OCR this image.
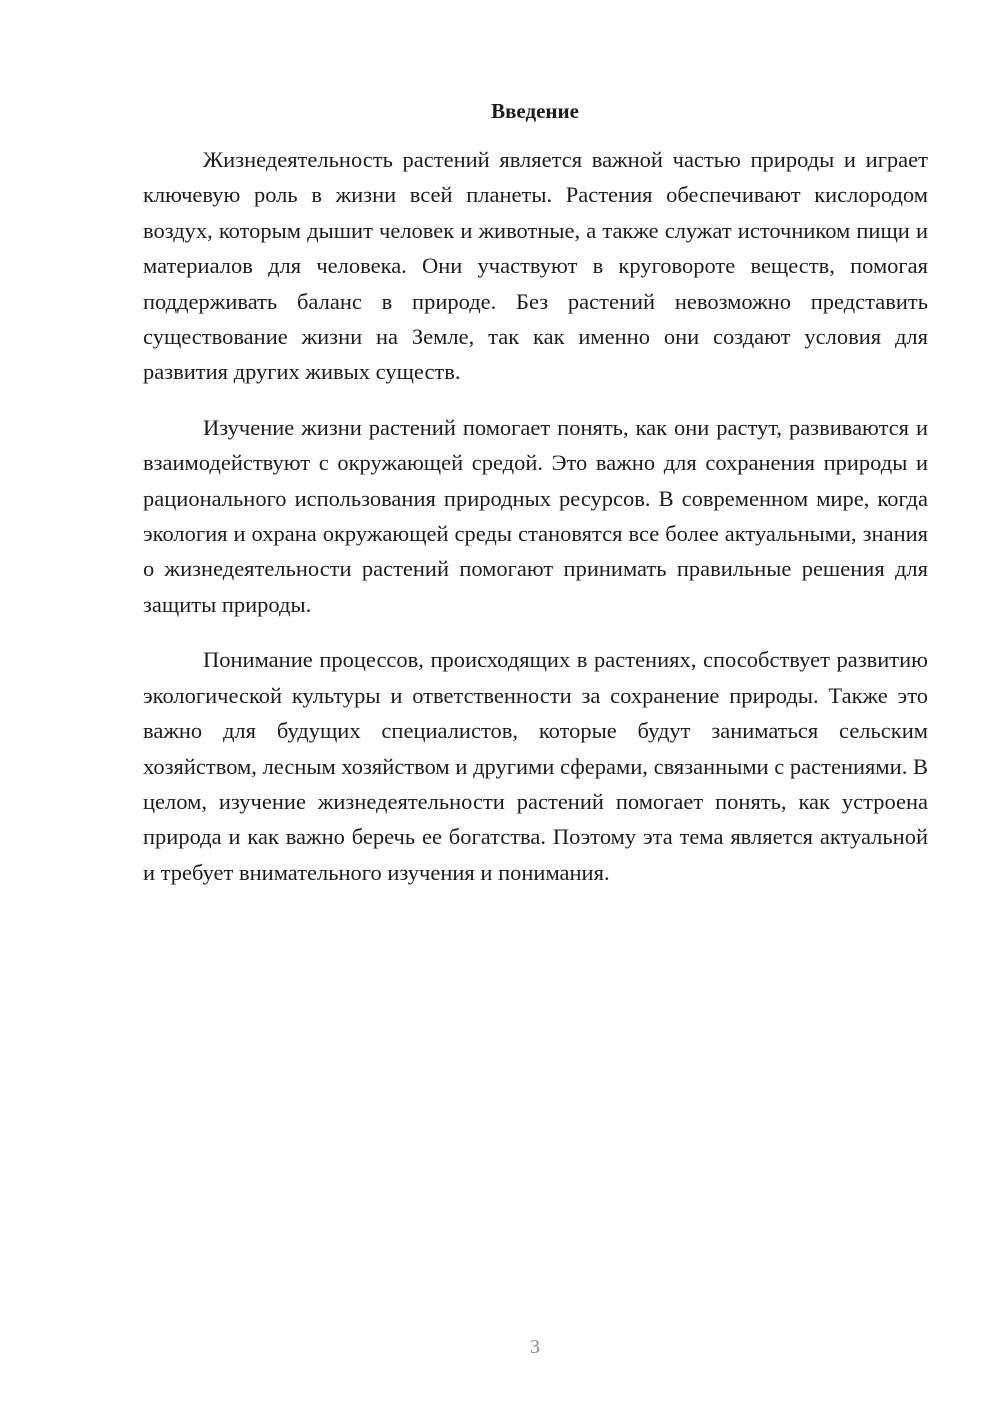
Введение

Жизнедеятельность растений является важной частью природы и играет ключевую роль в жизни всей планеты. Растения обеспечивают кислородом воздух, которым дышит человек и животные, а также служат источником пищи и материалов для человека. Они участвуют в круговороте веществ, помогая поддерживать баланс в природе. Без растений невозможно представить существование жизни на Земле, так как именно они создают условия для развития других живых существ.

Изучение жизни растений помогает понять, как они растут, развиваются и взаимодействуют с окружающей средой. Это важно для сохранения природы и рационального использования природных ресурсов. В современном мире, когда экология и охрана окружающей среды становятся все более актуальными, знания о жизнедеятельности растений помогают принимать правильные решения для защиты природы.

Понимание процессов, происходящих в растениях, способствует развитию экологической культуры и ответственности за сохранение природы. Также это важно для будущих специалистов, которые будут заниматься сельским хозяйством, лесным хозяйством и другими сферами, связанными с растениями. В целом, изучение жизнедеятельности растений помогает понять, как устроена природа и как важно беречь ее богатства. Поэтому эта тема является актуальной и требует внимательного изучения и понимания.

3
